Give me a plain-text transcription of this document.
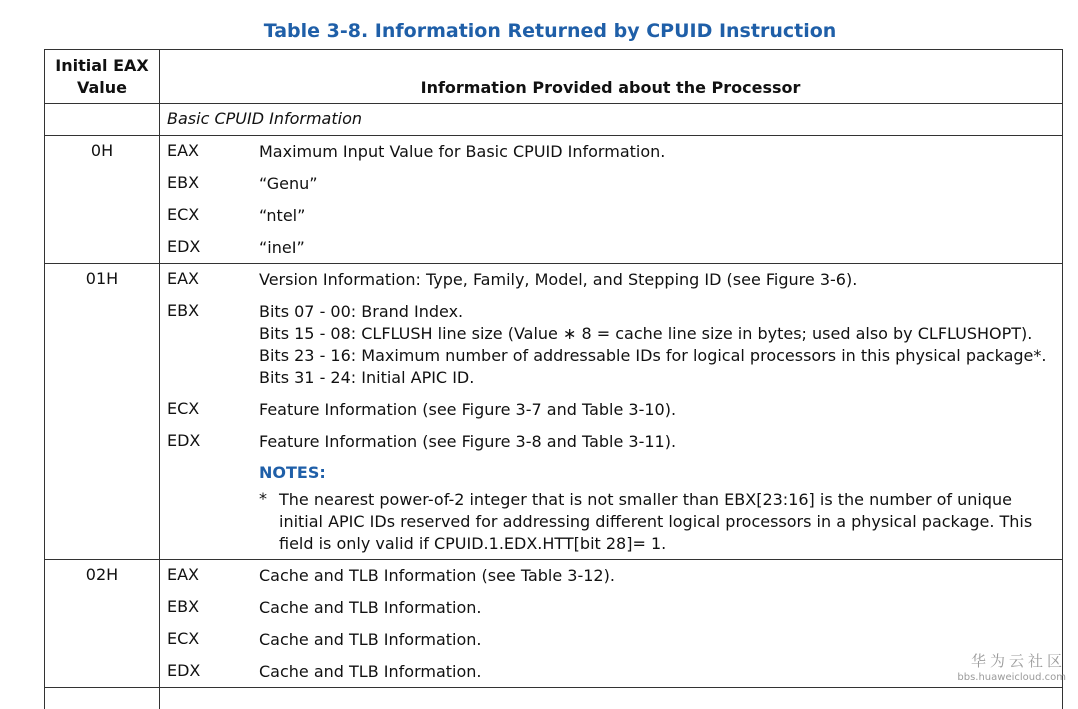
Table 3-8. Information Returned by CPUID Instruction
Initial EAX
Value	Information Provided about the Processor
Basic CPUID Information
0H	EAX	Maximum Input Value for Basic CPUID Information.
EBX	“Genu”
ECX	“ntel”
EDX	“ineI”
01H	EAX	Version Information: Type, Family, Model, and Stepping ID (see Figure 3-6).
EBX	Bits 07 - 00: Brand Index.
Bits 15 - 08: CLFLUSH line size (Value ∗ 8 = cache line size in bytes; used also by CLFLUSHOPT).
Bits 23 - 16: Maximum number of addressable IDs for logical processors in this physical package*.
Bits 31 - 24: Initial APIC ID.
ECX	Feature Information (see Figure 3-7 and Table 3-10).
EDX	Feature Information (see Figure 3-8 and Table 3-11).
NOTES:
* The nearest power-of-2 integer that is not smaller than EBX[23:16] is the number of unique initial APIC IDs reserved for addressing different logical processors in a physical package. This field is only valid if CPUID.1.EDX.HTT[bit 28]= 1.
02H	EAX	Cache and TLB Information (see Table 3-12).
EBX	Cache and TLB Information.
ECX	Cache and TLB Information.
EDX	Cache and TLB Information.
华为云社区
bbs.huaweicloud.com
